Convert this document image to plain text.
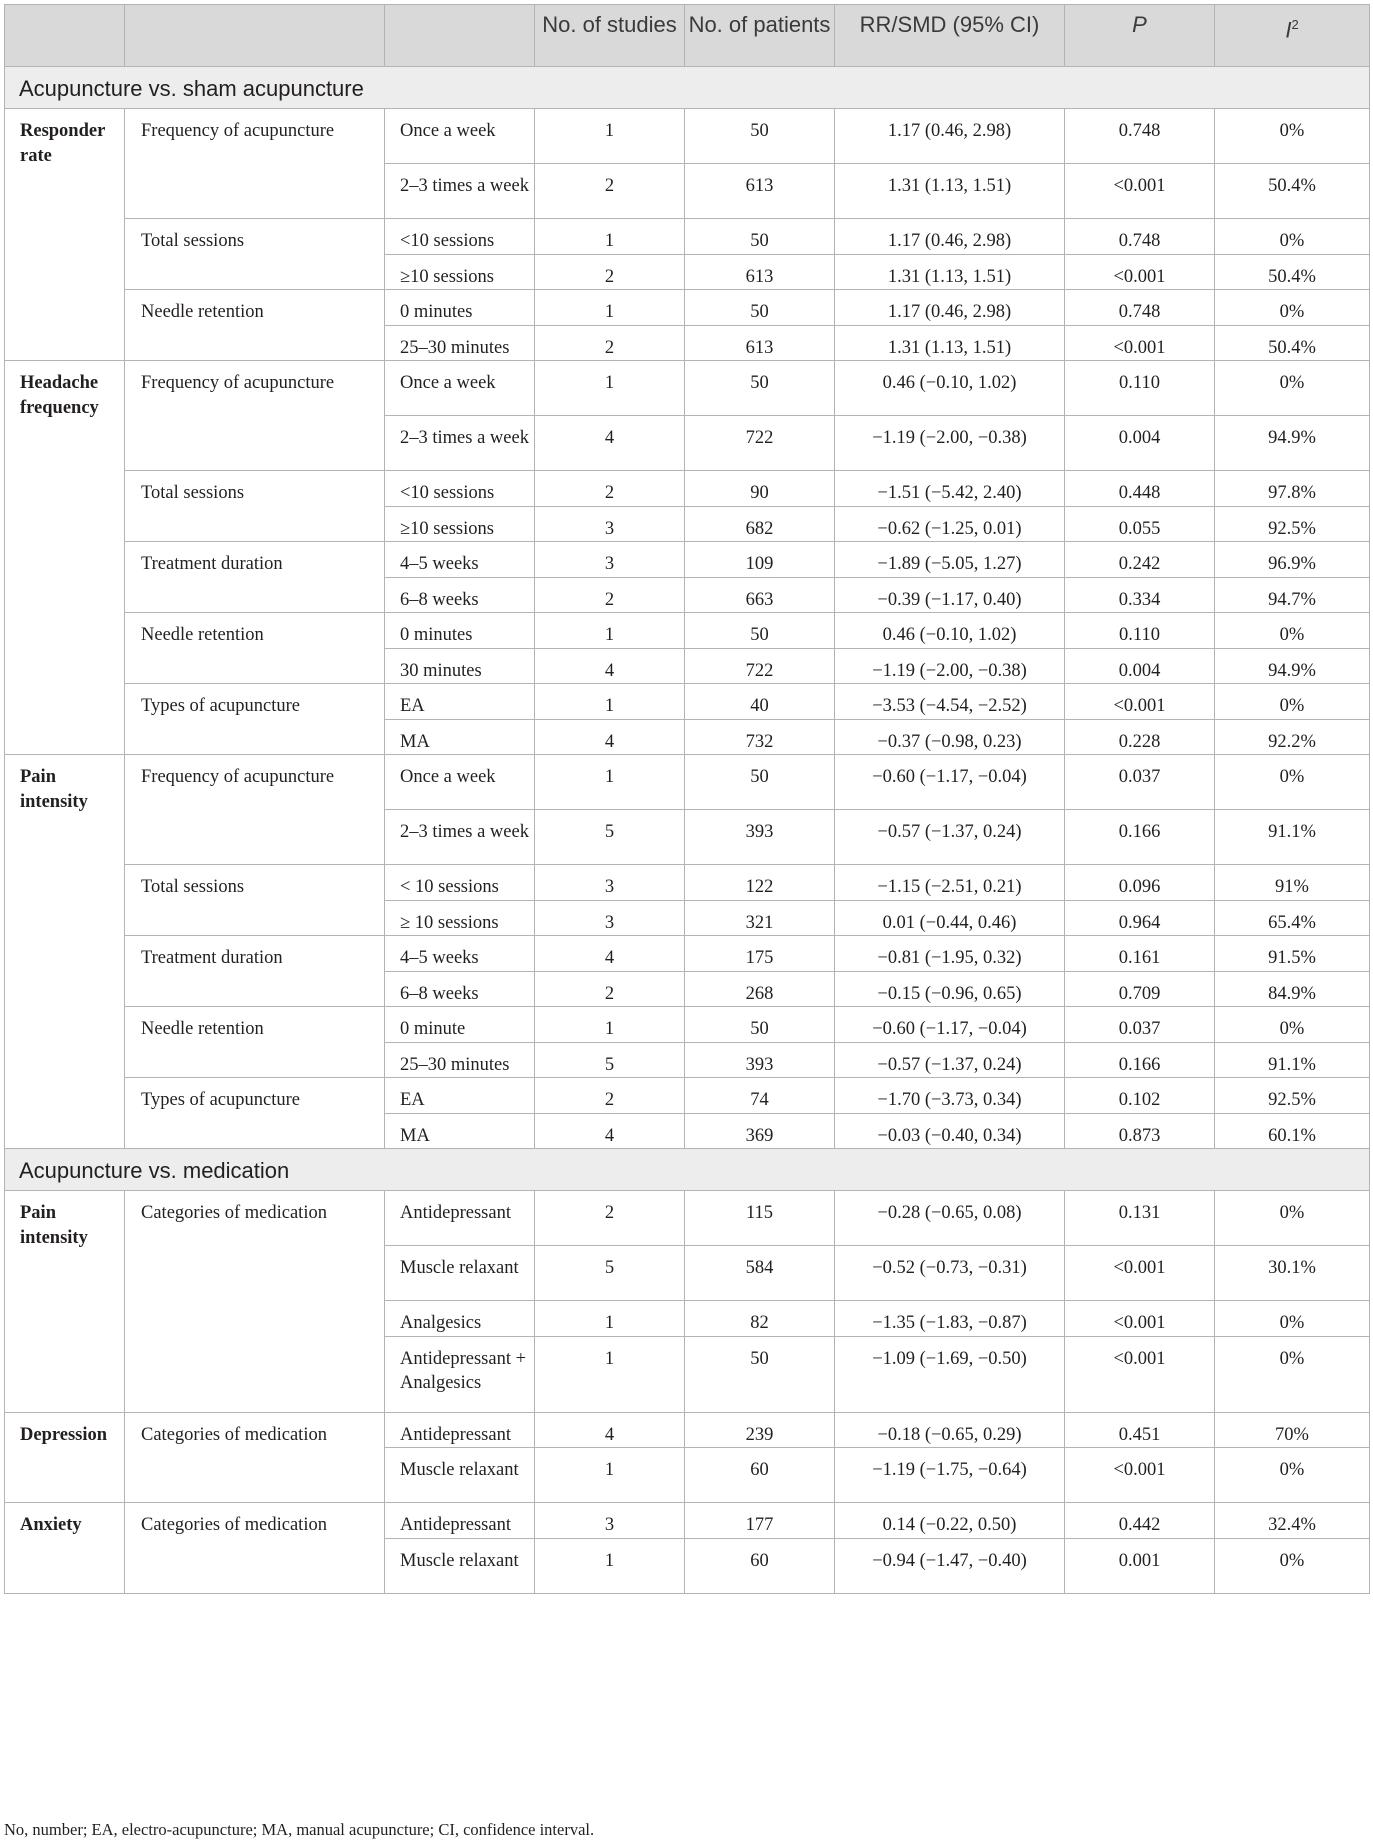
			No. of studies	No. of patients	RR/SMD (95% CI)	P	$I^2$
Acupuncture vs. sham acupuncture							
Responder rate	Frequency of acupuncture	Once a week	1	50	1.17 (0.46, 2.98)	0.748	0%
		2–3 times a week	2	613	1.31 (1.13, 1.51)	<0.001	50.4%
	Total sessions	<10 sessions	1	50	1.17 (0.46, 2.98)	0.748	0%
		≥10 sessions	2	613	1.31 (1.13, 1.51)	<0.001	50.4%
	Needle retention	0 minutes	1	50	1.17 (0.46, 2.98)	0.748	0%
		25–30 minutes	2	613	1.31 (1.13, 1.51)	<0.001	50.4%
Headache frequency	Frequency of acupuncture	Once a week	1	50	0.46 (−0.10, 1.02)	0.110	0%
		2–3 times a week	4	722	−1.19 (−2.00, −0.38)	0.004	94.9%
	Total sessions	<10 sessions	2	90	−1.51 (−5.42, 2.40)	0.448	97.8%
		≥10 sessions	3	682	−0.62 (−1.25, 0.01)	0.055	92.5%
	Treatment duration	4–5 weeks	3	109	−1.89 (−5.05, 1.27)	0.242	96.9%
		6–8 weeks	2	663	−0.39 (−1.17, 0.40)	0.334	94.7%
	Needle retention	0 minutes	1	50	0.46 (−0.10, 1.02)	0.110	0%
		30 minutes	4	722	−1.19 (−2.00, −0.38)	0.004	94.9%
	Types of acupuncture	EA	1	40	−3.53 (−4.54, −2.52)	<0.001	0%
		MA	4	732	−0.37 (−0.98, 0.23)	0.228	92.2%
Pain intensity	Frequency of acupuncture	Once a week	1	50	−0.60 (−1.17, −0.04)	0.037	0%
		2–3 times a week	5	393	−0.57 (−1.37, 0.24)	0.166	91.1%
	Total sessions	< 10 sessions	3	122	−1.15 (−2.51, 0.21)	0.096	91%
		≥ 10 sessions	3	321	0.01 (−0.44, 0.46)	0.964	65.4%
	Treatment duration	4–5 weeks	4	175	−0.81 (−1.95, 0.32)	0.161	91.5%
		6–8 weeks	2	268	−0.15 (−0.96, 0.65)	0.709	84.9%
	Needle retention	0 minute	1	50	−0.60 (−1.17, −0.04)	0.037	0%
		25–30 minutes	5	393	−0.57 (−1.37, 0.24)	0.166	91.1%
	Types of acupuncture	EA	2	74	−1.70 (−3.73, 0.34)	0.102	92.5%
		MA	4	369	−0.03 (−0.40, 0.34)	0.873	60.1%
Acupuncture vs. medication							
Pain intensity	Categories of medication	Antidepressant	2	115	−0.28 (−0.65, 0.08)	0.131	0%
		Muscle relaxant	5	584	−0.52 (−0.73, −0.31)	<0.001	30.1%
		Analgesics	1	82	−1.35 (−1.83, −0.87)	<0.001	0%
		Antidepressant + Analgesics	1	50	−1.09 (−1.69, −0.50)	<0.001	0%
Depression	Categories of medication	Antidepressant	4	239	−0.18 (−0.65, 0.29)	0.451	70%
		Muscle relaxant	1	60	−1.19 (−1.75, −0.64)	<0.001	0%
Anxiety	Categories of medication	Antidepressant	3	177	0.14 (−0.22, 0.50)	0.442	32.4%
		Muscle relaxant	1	60	−0.94 (−1.47, −0.40)	0.001	0%
No, number; EA, electro-acupuncture; MA, manual acupuncture; CI, confidence interval.
